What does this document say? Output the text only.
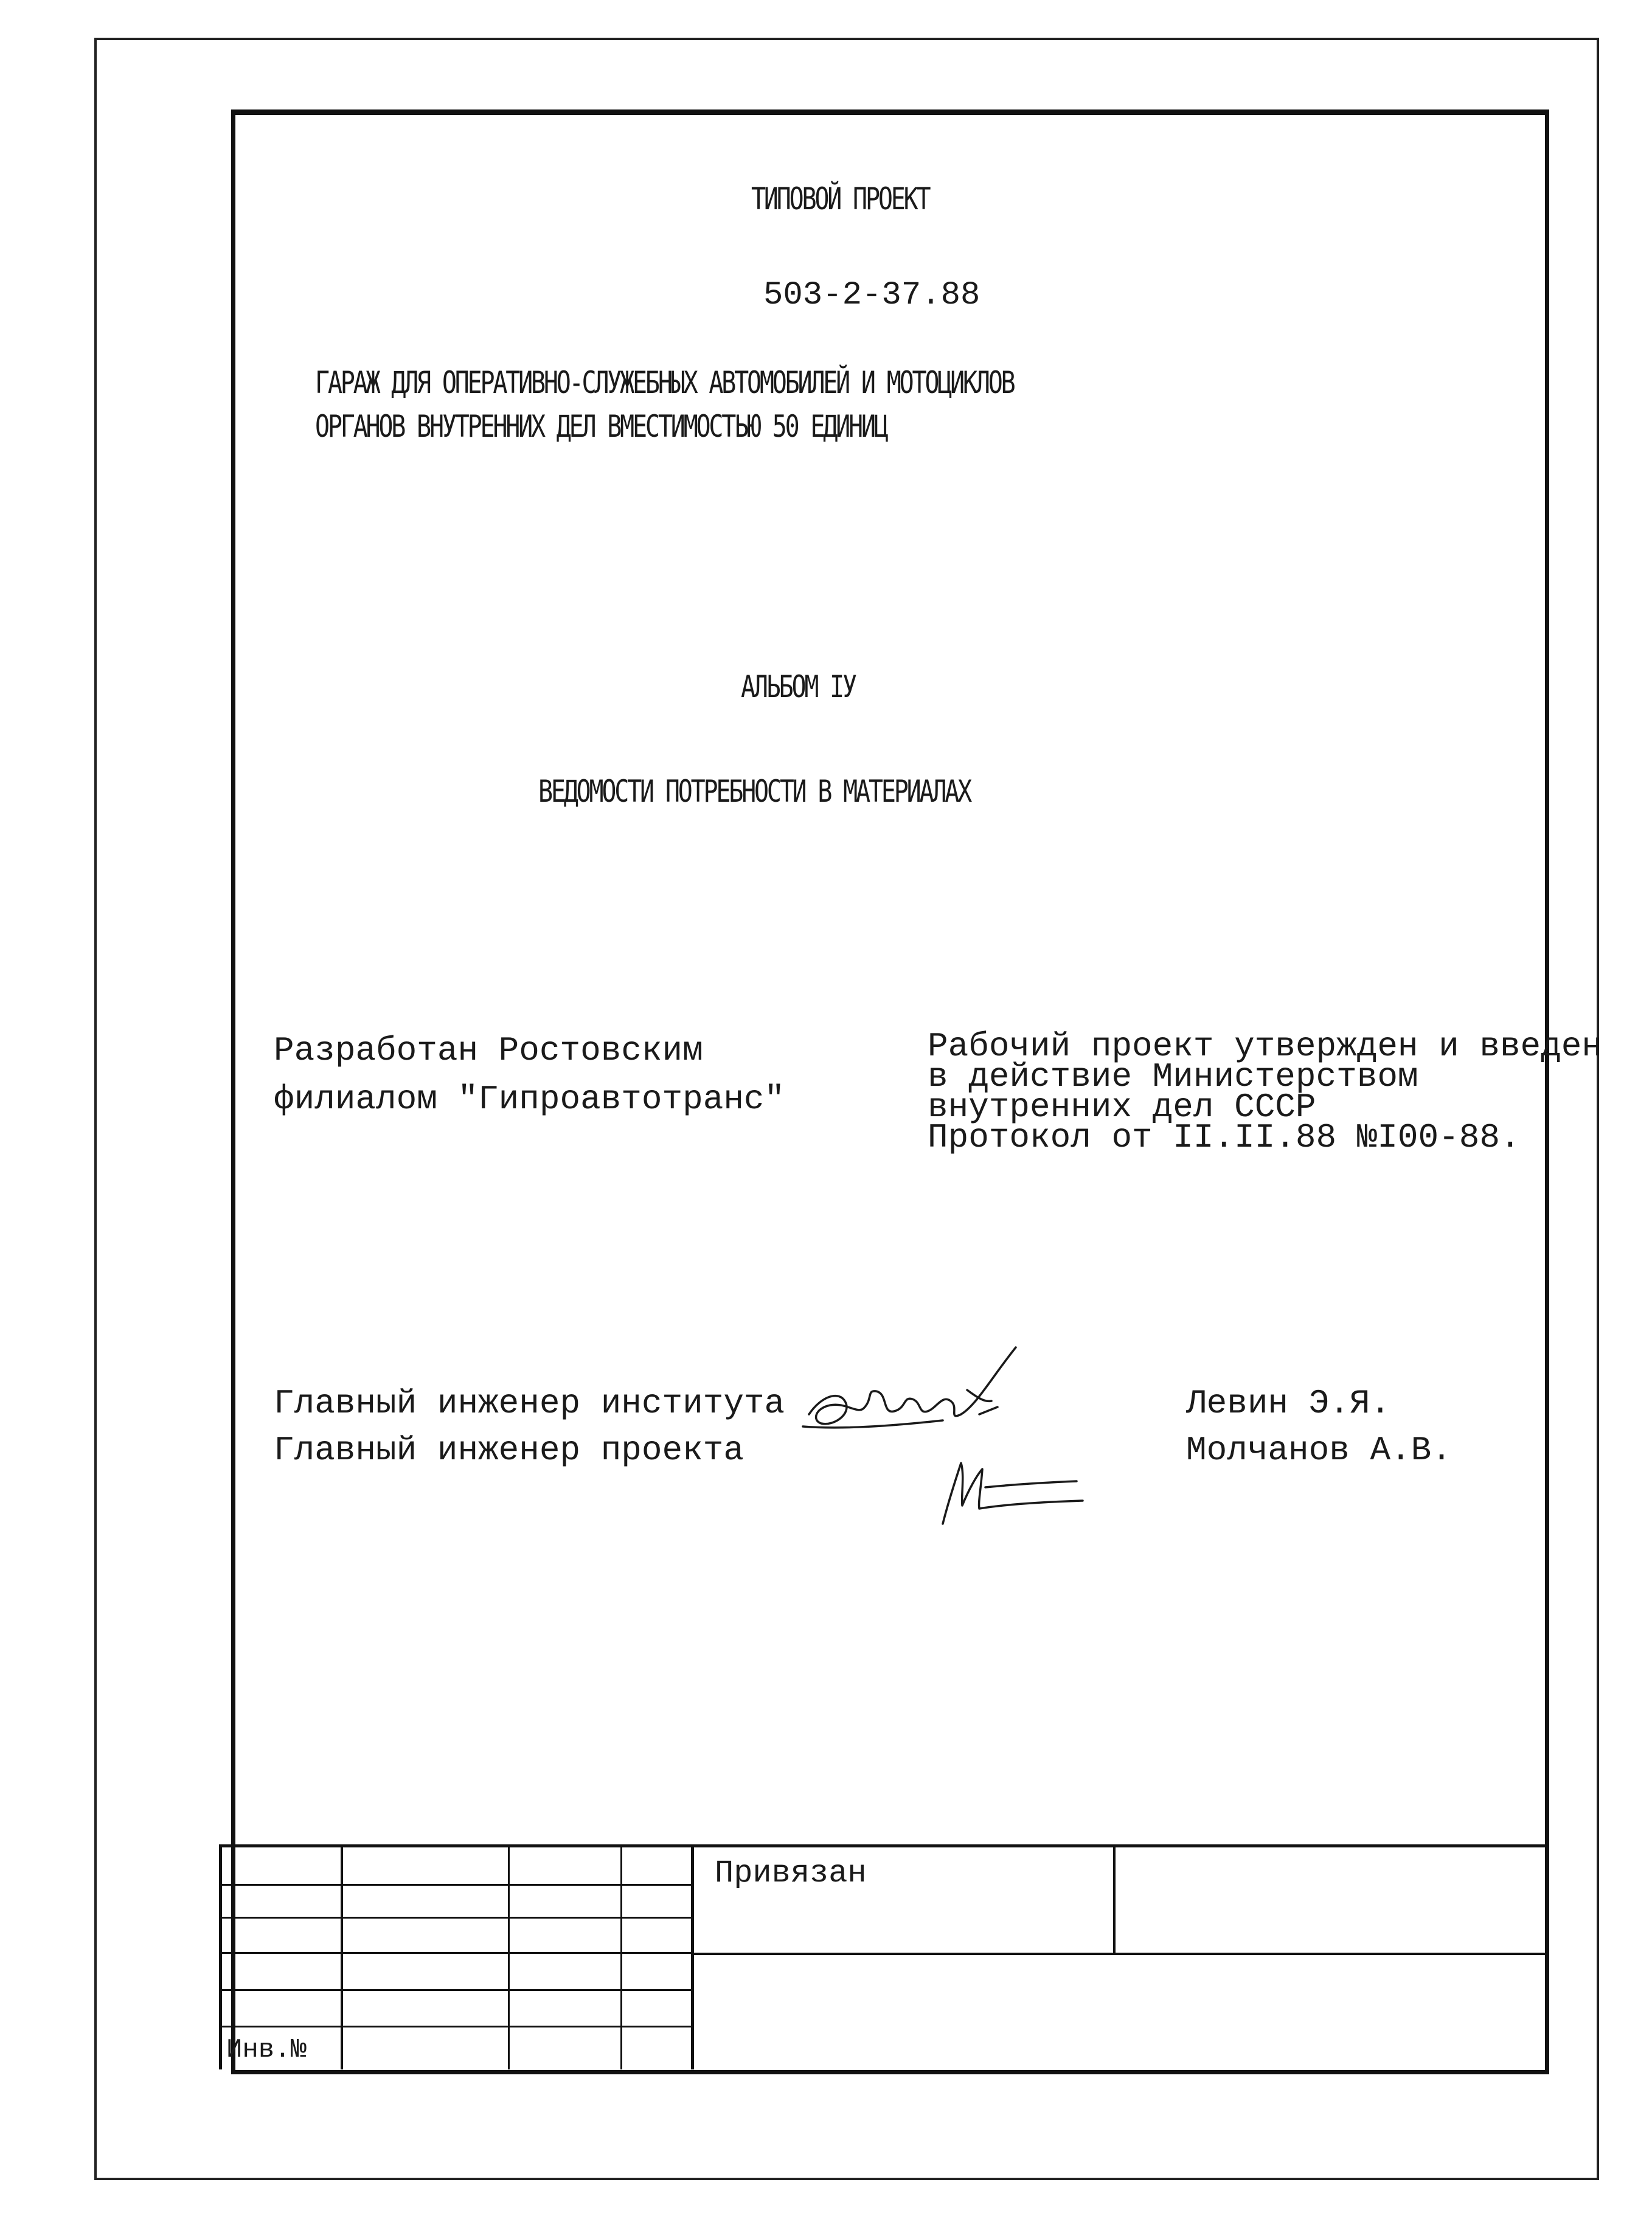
ТИПОВОЙ ПРОЕКТ
503-2-37.88
ГАРАЖ ДЛЯ ОПЕРАТИВНО-СЛУЖЕБНЫХ АВТОМОБИЛЕЙ И МОТОЦИКЛОВ
ОРГАНОВ ВНУТРЕННИХ ДЕЛ ВМЕСТИМОСТЬЮ 50 ЕДИНИЦ
АЛЬБОМ IУ
ВЕДОМОСТИ ПОТРЕБНОСТИ В МАТЕРИАЛАХ
Разработан Ростовским
филиалом "Гипроавтотранс"
Рабочий проект утвержден и введен
в действие Министерством
внутренних дел СССР
Протокол от II.II.88 №I00-88.
Главный инженер института
Главный инженер проекта
Левин Э.Я.
Молчанов А.В.
Привязан
Инв.№
